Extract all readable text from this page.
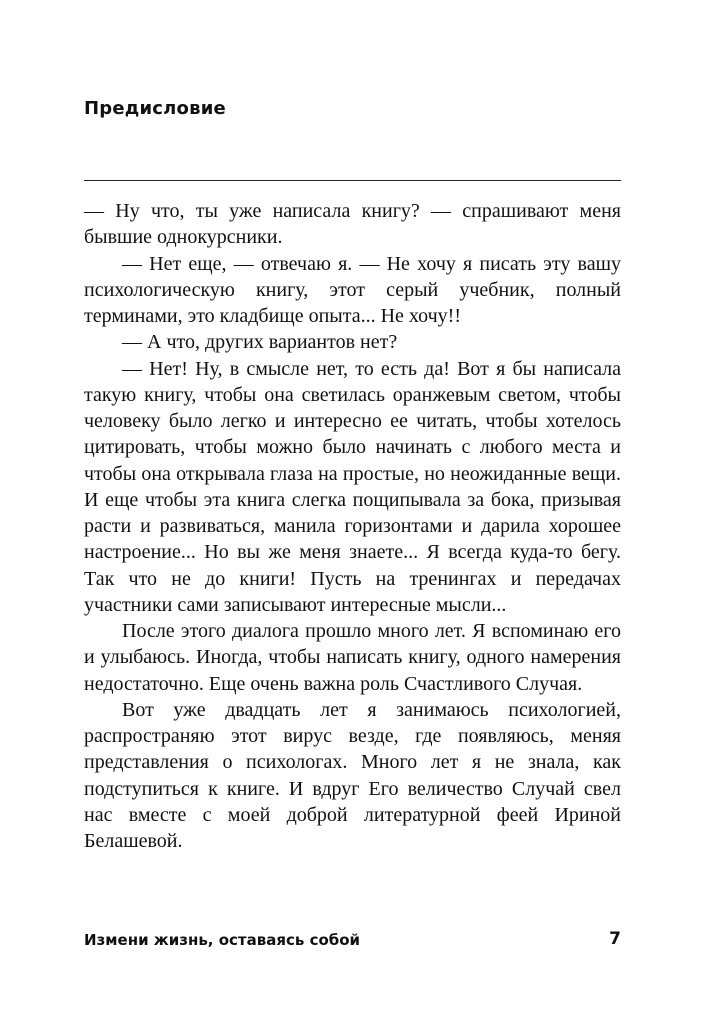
Предисловие

— Ну что, ты уже написала книгу? — спрашивают меня бывшие однокурсники.

— Нет еще, — отвечаю я. — Не хочу я писать эту вашу психологическую книгу, этот серый учебник, полный терминами, это кладбище опыта... Не хочу!!

— А что, других вариантов нет?

— Нет! Ну, в смысле нет, то есть да! Вот я бы написала такую книгу, чтобы она светилась оранжевым светом, чтобы человеку было легко и интересно ее читать, чтобы хотелось цитировать, чтобы можно было начинать с любого места и чтобы она открывала глаза на простые, но неожиданные вещи. И еще чтобы эта книга слегка пощипывала за бока, призывая расти и развиваться, манила горизонтами и дарила хорошее настроение... Но вы же меня знаете... Я всегда куда-то бегу. Так что не до книги! Пусть на тренингах и передачах участники сами записывают интересные мысли...

После этого диалога прошло много лет. Я вспоминаю его и улыбаюсь. Иногда, чтобы написать книгу, одного намерения недостаточно. Еще очень важна роль Счастливого Случая.

Вот уже двадцать лет я занимаюсь психологией, распространяю этот вирус везде, где появляюсь, меняя представления о психологах. Много лет я не знала, как подступиться к книге. И вдруг Его величество Случай свел нас вместе с моей доброй литературной феей Ириной Белашевой.

Измени жизнь, оставаясь собой	7
